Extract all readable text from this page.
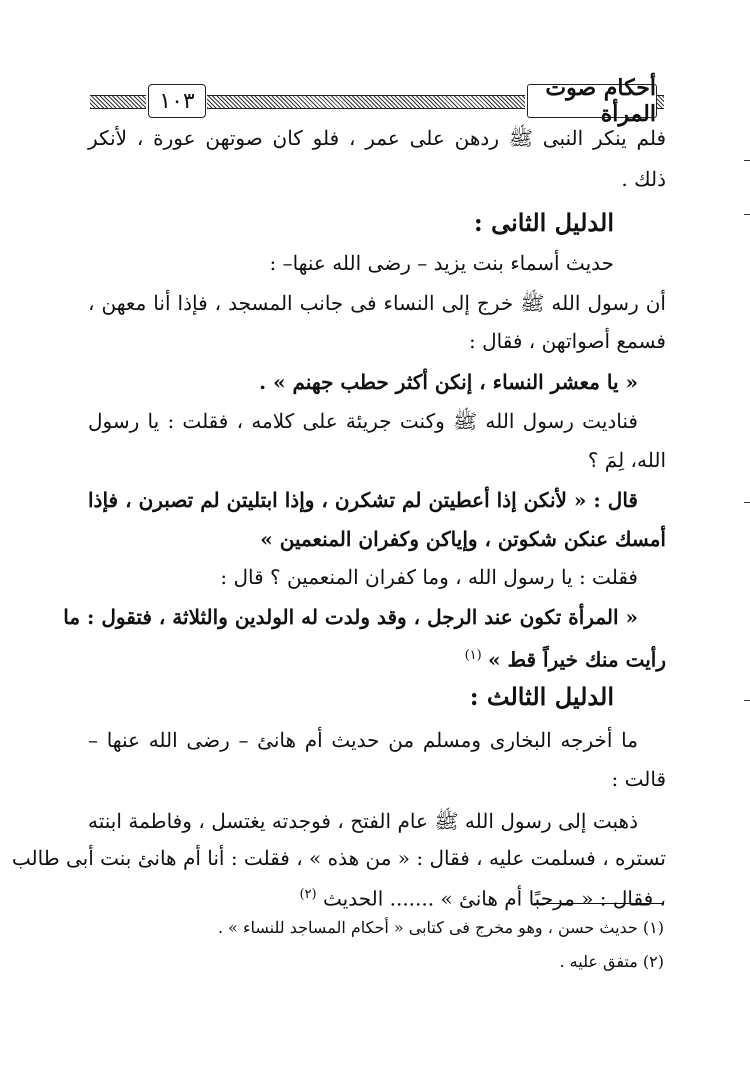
١٠٣	أحكام صوت المرأة

فلم ينكر النبى ﷺ ردهن على عمر ، فلو كان صوتهن عورة ، لأنكر

ذلك .

الدليل الثانى :

حديث أسماء بنت يزيد – رضى الله عنها– :

أن رسول الله ﷺ خرج إلى النساء فى جانب المسجد ، فإذا أنا معهن ،

فسمع أصواتهن ، فقال :

« يا معشر النساء ، إنكن أكثر حطب جهنم » .

فناديت رسول الله ﷺ وكنت جريئة على كلامه ، فقلت : يا رسول

الله، لِمَ ؟

قال : « لأنكن إذا أعطيتن لم تشكرن ، وإذا ابتليتن لم تصبرن ، فإذا

أمسك عنكن شكوتن ، وإياكن وكفران المنعمين »

فقلت : يا رسول الله ، وما كفران المنعمين ؟ قال :

« المرأة تكون عند الرجل ، وقد ولدت له الولدين والثلاثة ، فتقول : ما

رأيت منك خيراً قط » $^{(١)}$

الدليل الثالث :

ما أخرجه البخارى ومسلم من حديث أم هانئ – رضى الله عنها –

قالت :

ذهبت إلى رسول الله ﷺ عام الفتح ، فوجدته يغتسل ، وفاطمة ابنته

تستره ، فسلمت عليه ، فقال : « من هذه » ، فقلت : أنا أم هانئ بنت أبى طالب

، فقال : « مرحبًا أم هانئ » ....... الحديث $^{(٢)}$

(١) حديث حسن ، وهو مخرج فى كتابى « أحكام المساجد للنساء » .

(٢) متفق عليه .
